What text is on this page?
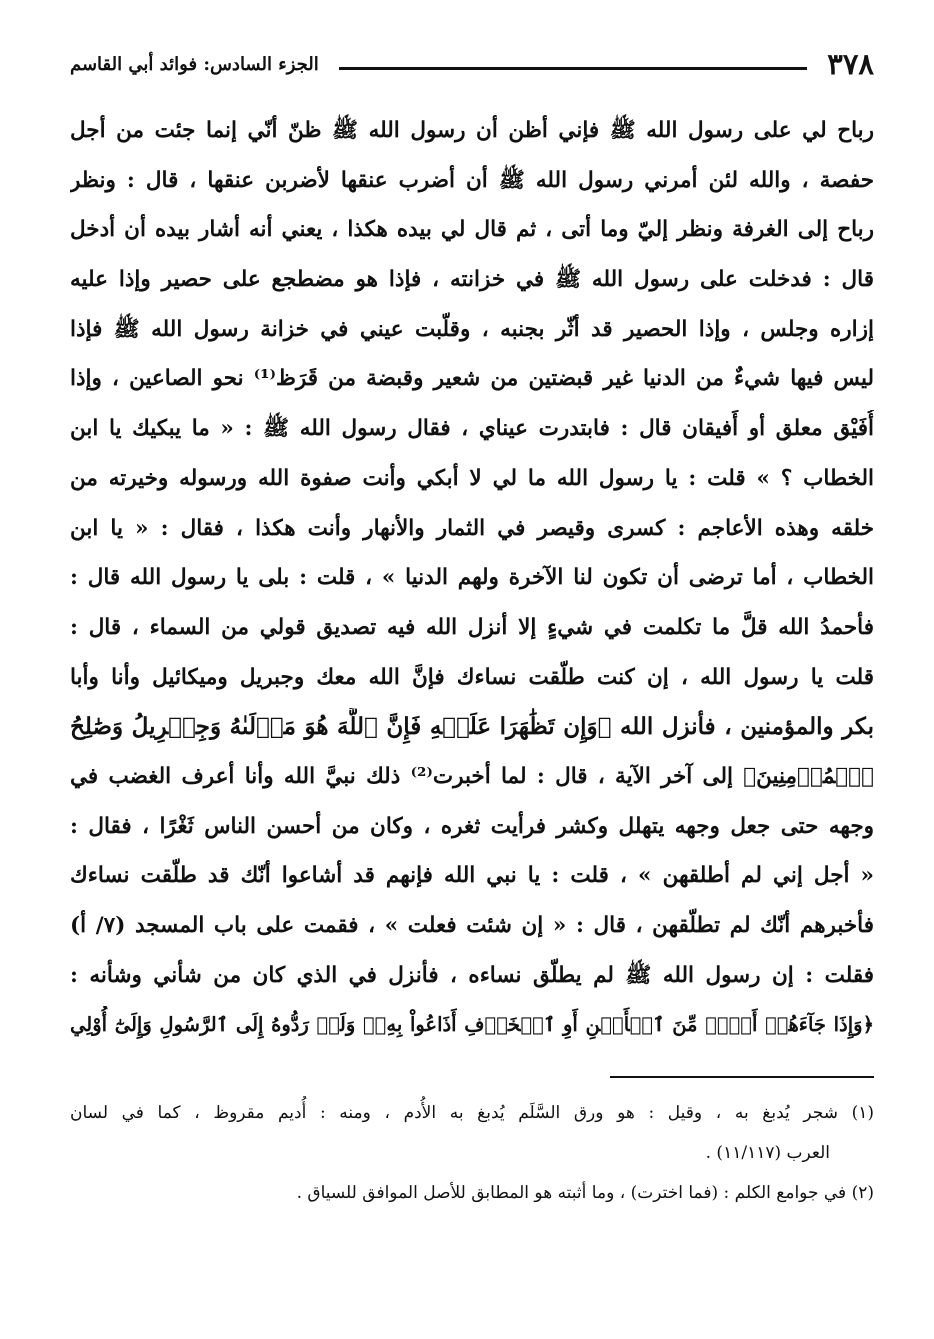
٣٧٨
الجزء السادس: فوائد أبي القاسم
رباح لي على رسول الله ﷺ فإني أظن أن رسول الله ﷺ ظنّ أنّي إنما جئت من أجل
حفصة ، والله لئن أمرني رسول الله ﷺ أن أضرب عنقها لأضربن عنقها ، قال : ونظر
رباح إلى الغرفة ونظر إليّ وما أتى ، ثم قال لي بيده هكذا ، يعني أنه أشار بيده أن أدخل
قال : فدخلت على رسول الله ﷺ في خزانته ، فإذا هو مضطجع على حصير وإذا عليه
إزاره وجلس ، وإذا الحصير قد أثّر بجنبه ، وقلّبت عيني في خزانة رسول الله ﷺ فإذا
ليس فيها شيءٌ من الدنيا غير قبضتين من شعير وقبضة من قَرَظ⁽¹⁾ نحو الصاعين ، وإذا
أُفَيْق معلق أو أَفيقان قال : فابتدرت عيناي ، فقال رسول الله ﷺ : « ما يبكيك يا ابن
الخطاب ؟ » قلت : يا رسول الله ما لي لا أبكي وأنت صفوة الله ورسوله وخيرته من
خلقه وهذه الأعاجم : كسرى وقيصر في الثمار والأنهار وأنت هكذا ، فقال : « يا ابن
الخطاب ، أما ترضى أن تكون لنا الآخرة ولهم الدنيا » ، قلت : بلى يا رسول الله قال :
فأحمدُ الله قلَّ ما تكلمت في شيءٍ إلا أنزل الله فيه تصديق قولي من السماء ، قال :
قلت يا رسول الله ، إن كنت طلّقت نساءك فإنَّ الله معك وجبريل وميكائيل وأنا وأبا
بكر والمؤمنين ، فأنزل الله ﴿وَإِن تَظَٰهَرَا عَلَيۡهِ فَإِنَّ ٱللَّهَ هُوَ مَوۡلَىٰهُ وَجِبۡرِيلُ وَصَٰلِحُ
ٱلۡمُؤۡمِنِينَ﴾ إلى آخر الآية ، قال : لما أخبرت⁽²⁾ ذلك نبيَّ الله وأنا أعرف الغضب في
وجهه حتى جعل وجهه يتهلل وكشر فرأيت ثغره ، وكان من أحسن الناس ثَغْرًا ، فقال :
« أجل إني لم أطلقهن » ، قلت : يا نبي الله فإنهم قد أشاعوا أنّك قد طلّقت نساءك
فأخبرهم أنّك لم تطلّقهن ، قال : « إن شئت فعلت » ، فقمت على باب المسجد (٧/ أ)
فقلت : إن رسول الله ﷺ لم يطلّق نساءه ، فأنزل في الذي كان من شأني وشأنه :
﴿وَإِذَا جَآءَهُمۡ أَمۡرٞ مِّنَ ٱلۡأَمۡنِ أَوِ ٱلۡخَوۡفِ أَذَاعُواْ بِهِۦۖ وَلَوۡ رَدُّوهُ إِلَى ٱلرَّسُولِ وَإِلَىٰٓ أُوْلِي
(١) شجر يُدبغ به ، وقيل : هو ورق السَّلَم يُدبغ به الأُدم ، ومنه : أُديم مقروظ ، كما في لسان
العرب (١١/١١٧) .
(٢) في جوامع الكلم : (فما اخترت) ، وما أثبته هو المطابق للأصل الموافق للسياق .
